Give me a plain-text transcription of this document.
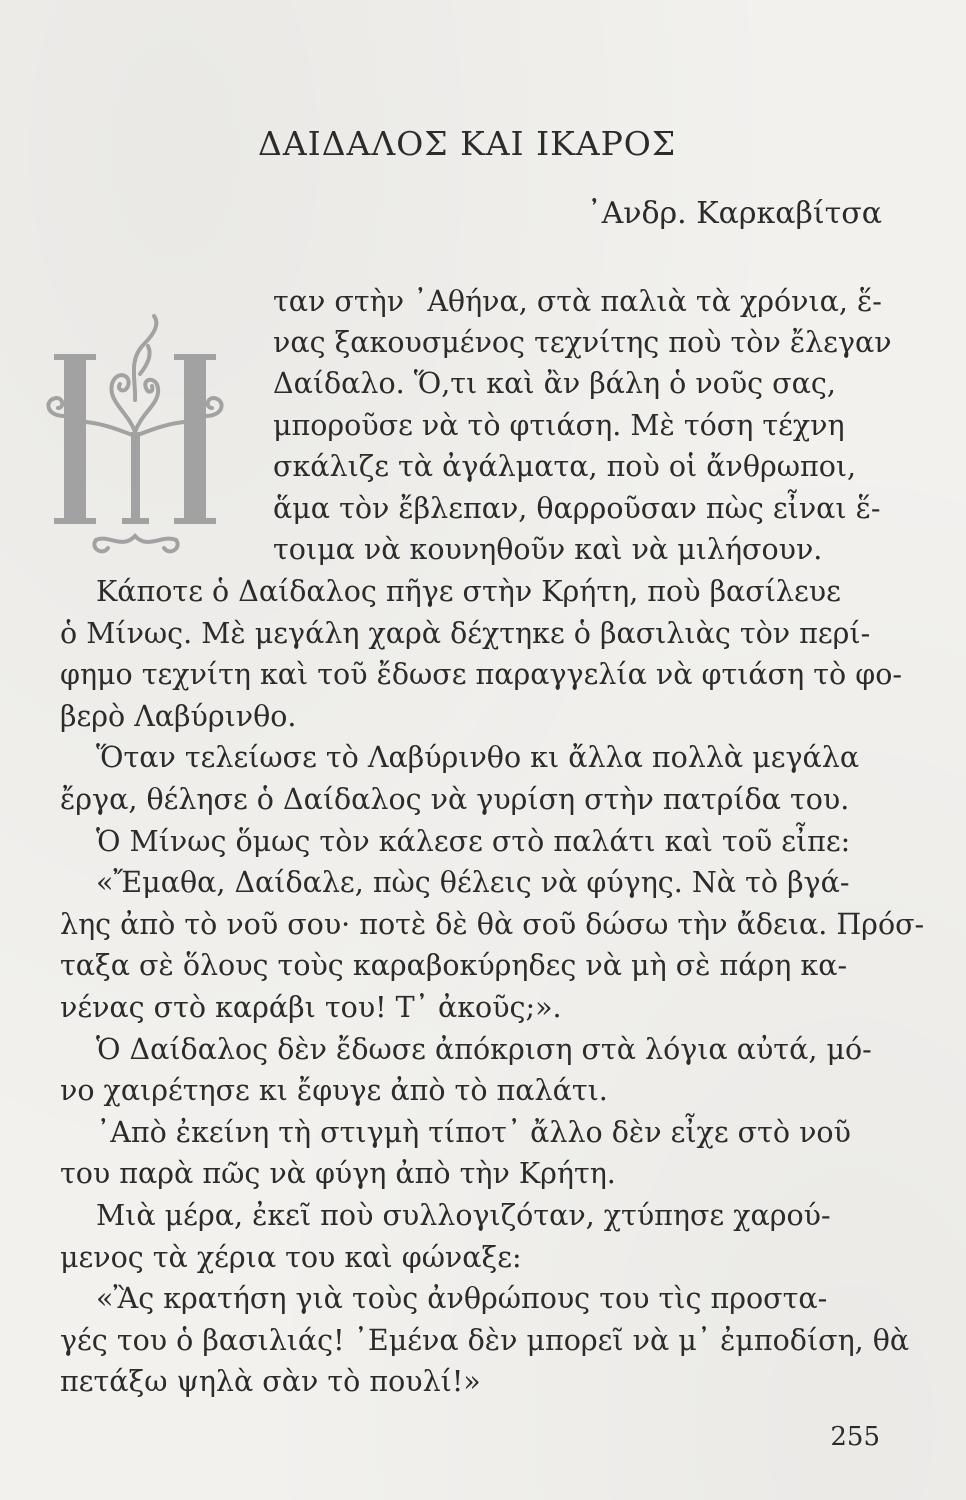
ΔΑΙΔΑΛΟΣ ΚΑΙ ΙΚΑΡΟΣ
᾿Ανδρ. Καρκαβίτσα
ταν στὴν ᾿Αθήνα, στὰ παλιὰ τὰ χρόνια, ἕ-
νας ξακουσμένος τεχνίτης ποὺ τὸν ἔλεγαν
Δαίδαλο. Ὅ,τι καὶ ἂν βάλη ὁ νοῦς σας,
μποροῦσε νὰ τὸ φτιάση. Μὲ τόση τέχνη
σκάλιζε τὰ ἀγάλματα, ποὺ οἱ ἄνθρωποι,
ἅμα τὸν ἔβλεπαν, θαρροῦσαν πὼς εἶναι ἕ-
τοιμα νὰ κουνηθοῦν καὶ νὰ μιλήσουν.
Κάποτε ὁ Δαίδαλος πῆγε στὴν Κρήτη, ποὺ βασίλευε
ὁ Μίνως. Μὲ μεγάλη χαρὰ δέχτηκε ὁ βασιλιὰς τὸν περί-
φημο τεχνίτη καὶ τοῦ ἔδωσε παραγγελία νὰ φτιάση τὸ φο-
βερὸ Λαβύρινθο.
Ὅταν τελείωσε τὸ Λαβύρινθο κι ἄλλα πολλὰ μεγάλα
ἔργα, θέλησε ὁ Δαίδαλος νὰ γυρίση στὴν πατρίδα του.
Ὁ Μίνως ὅμως τὸν κάλεσε στὸ παλάτι καὶ τοῦ εἶπε:
«Ἔμαθα, Δαίδαλε, πὼς θέλεις νὰ φύγης. Νὰ τὸ βγά-
λης ἀπὸ τὸ νοῦ σου· ποτὲ δὲ θὰ σοῦ δώσω τὴν ἄδεια. Πρόσ-
ταξα σὲ ὅλους τοὺς καραβοκύρηδες νὰ μὴ σὲ πάρη κα-
νένας στὸ καράβι του! Τ᾿ ἀκοῦς;».
Ὁ Δαίδαλος δὲν ἔδωσε ἀπόκριση στὰ λόγια αὐτά, μό-
νο χαιρέτησε κι ἔφυγε ἀπὸ τὸ παλάτι.
᾿Απὸ ἐκείνη τὴ στιγμὴ τίποτ᾿ ἄλλο δὲν εἶχε στὸ νοῦ
του παρὰ πῶς νὰ φύγη ἀπὸ τὴν Κρήτη.
Μιὰ μέρα, ἐκεῖ ποὺ συλλογιζόταν, χτύπησε χαρού-
μενος τὰ χέρια του καὶ φώναξε:
«Ἂς κρατήση γιὰ τοὺς ἀνθρώπους του τὶς προστα-
γές του ὁ βασιλιάς! ᾿Εμένα δὲν μπορεῖ νὰ μ᾿ ἐμποδίση, θὰ
πετάξω ψηλὰ σὰν τὸ πουλί!»
255
